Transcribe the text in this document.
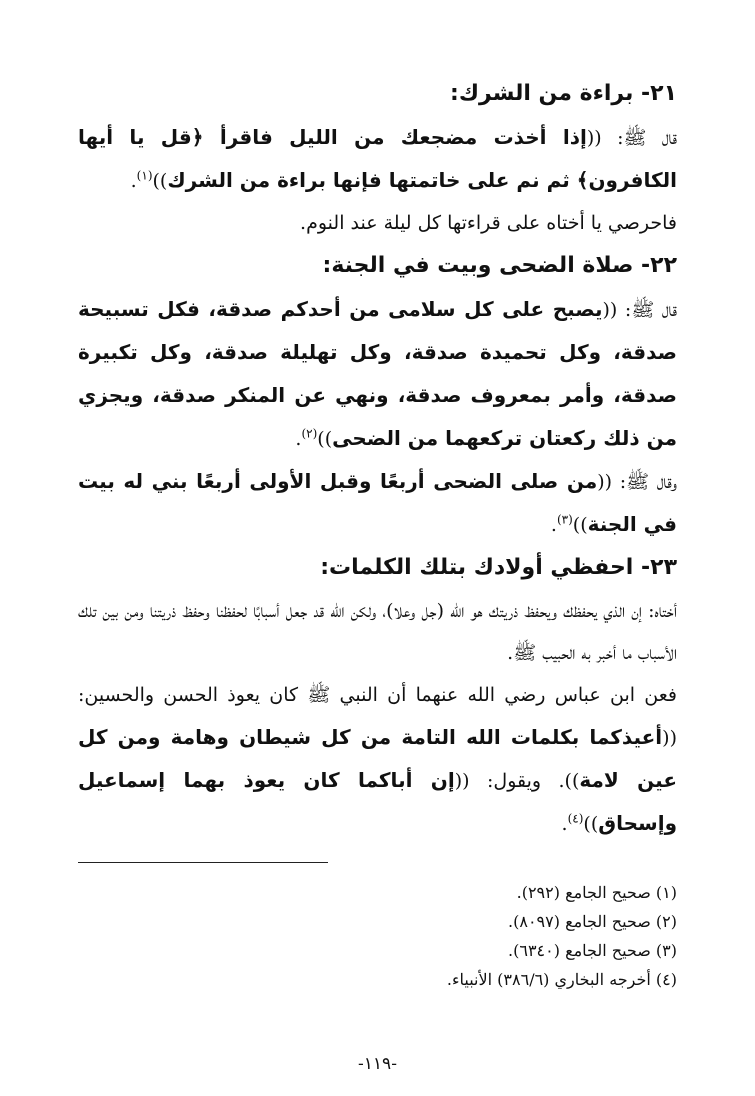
٢١- براءة من الشرك:

قال ﷺ: ((إذا أخذت مضجعك من الليل فاقرأ ﴿قل يا أيها الكافرون﴾ ثم نم على خاتمتها فإنها براءة من الشرك))$^{(١)}$.

فاحرصي يا أختاه على قراءتها كل ليلة عند النوم.

٢٢- صلاة الضحى وبيت في الجنة:

قال ﷺ: ((يصبح على كل سلامى من أحدكم صدقة، فكل تسبيحة صدقة، وكل تحميدة صدقة، وكل تهليلة صدقة، وكل تكبيرة صدقة، وأمر بمعروف صدقة، ونهي عن المنكر صدقة، ويجزي من ذلك ركعتان تركعهما من الضحى))$^{(٢)}$.

وقال ﷺ: ((من صلى الضحى أربعًا وقبل الأولى أربعًا بني له بيت في الجنة))$^{(٣)}$.

٢٣- احفظي أولادك بتلك الكلمات:

أختاه: إن الذي يحفظك ويحفظ ذريتك هو الله (جل وعلا)، ولكن الله قد جعل أسبابًا لحفظنا وحفظ ذريتنا ومن بين تلك الأسباب ما أخبر به الحبيب ﷺ.

فعن ابن عباس رضي الله عنهما أن النبي ﷺ كان يعوذ الحسن والحسين: ((أعيذكما بكلمات الله التامة من كل شيطان وهامة ومن كل عين لامة)). ويقول: ((إن أباكما كان يعوذ بهما إسماعيل وإسحاق))$^{(٤)}$.

(١) صحيح الجامع (٢٩٢).

(٢) صحيح الجامع (٨٠٩٧).

(٣) صحيح الجامع (٦٣٤٠).

(٤) أخرجه البخاري (٣٨٦/٦) الأنبياء.

-١١٩-
